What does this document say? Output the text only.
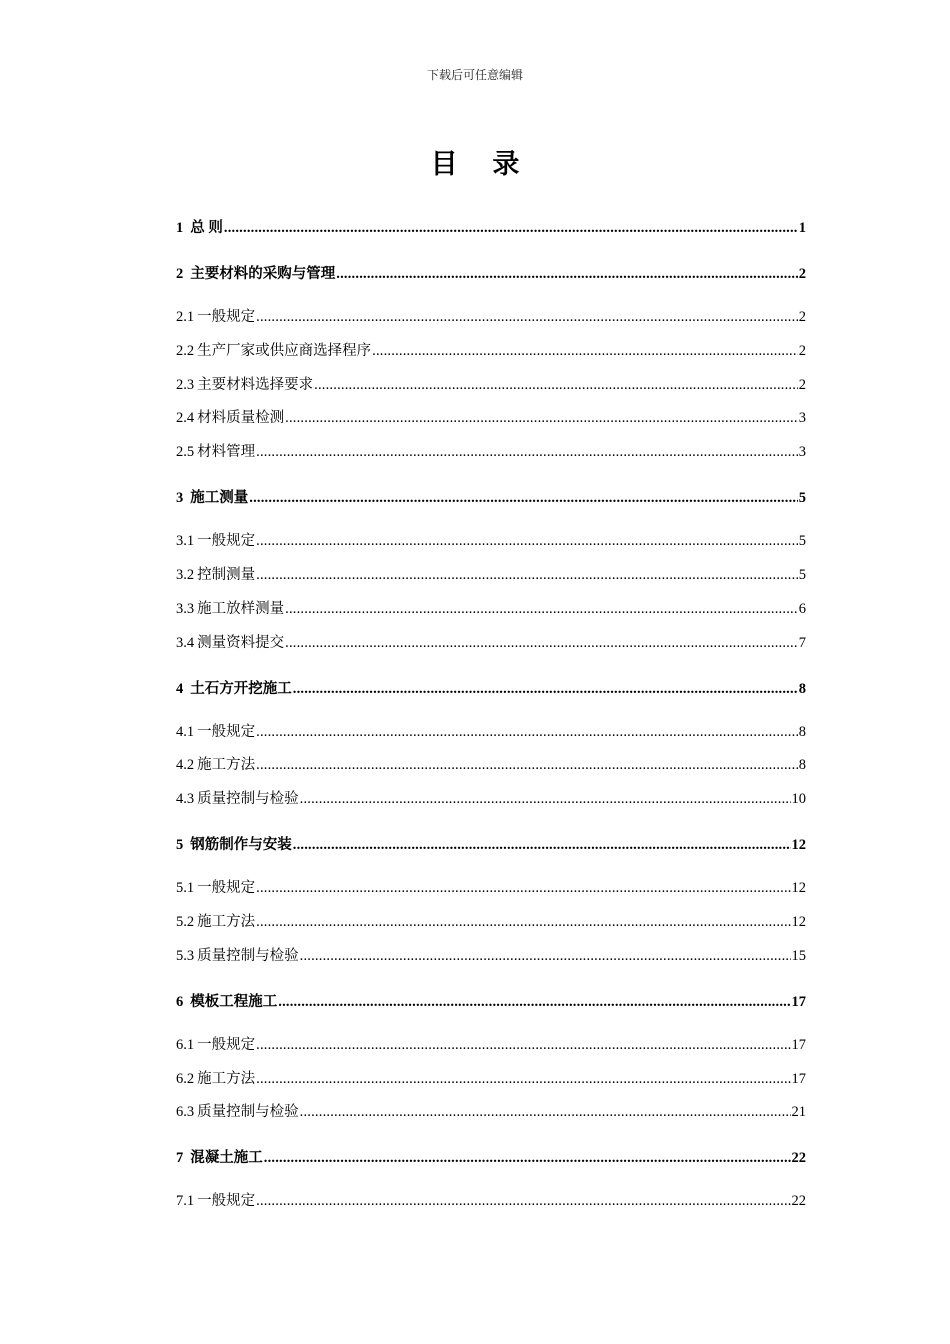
下载后可任意编辑
目 录
1 总 则 .....	1
2 主要材料的采购与管理 .....	2
2.1 一般规定 .....	2
2.2 生产厂家或供应商选择程序 .....	2
2.3 主要材料选择要求 .....	2
2.4 材料质量检测 .....	3
2.5 材料管理 .....	3
3 施工测量 .....	5
3.1 一般规定 .....	5
3.2 控制测量 .....	5
3.3 施工放样测量 .....	6
3.4 测量资料提交 .....	7
4 土石方开挖施工 .....	8
4.1 一般规定 .....	8
4.2 施工方法 .....	8
4.3 质量控制与检验 .....	10
5 钢筋制作与安装 .....	12
5.1 一般规定 .....	12
5.2 施工方法 .....	12
5.3 质量控制与检验 .....	15
6 模板工程施工 .....	17
6.1 一般规定 .....	17
6.2 施工方法 .....	17
6.3 质量控制与检验 .....	21
7 混凝土施工 .....	22
7.1 一般规定 .....	22
